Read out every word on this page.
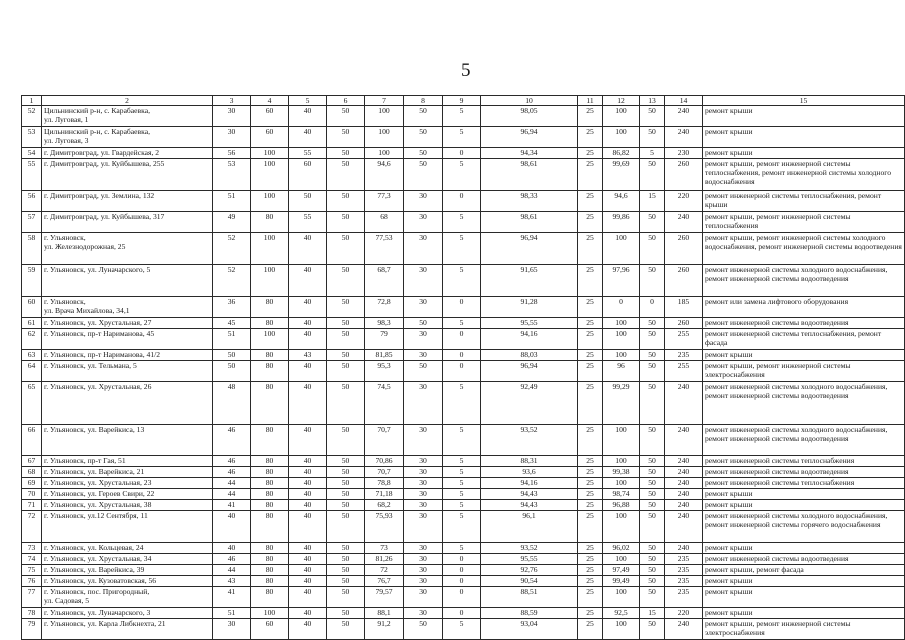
5
1	2	3	4	5	6	7	8	9	10	11	12	13	14	15
52	Цильнинский р-н, с. Карабаевка,
ул. Луговая, 1	30	60	40	50	100	50	5	98,05	25	100	50	240	ремонт крыши
53	Цильнинский р-н, с. Карабаевка,
ул. Луговая, 3	30	60	40	50	100	50	5	96,94	25	100	50	240	ремонт крыши
54	г. Димитровград, ул. Гвардейская, 2	56	100	55	50	100	50	0	94,34	25	86,82	5	230	ремонт крыши
55	г. Димитровград, ул. Куйбышева, 255	53	100	60	50	94,6	50	5	98,61	25	99,69	50	260	ремонт крыши, ремонт инженерной системы теплоснабжения, ремонт инженерной системы холодного водоснабжения
56	г. Димитровград, ул. Землина, 132	51	100	50	50	77,3	30	0	98,33	25	94,6	15	220	ремонт инженерной системы теплоснабжения, ремонт крыши
57	г. Димитровград, ул. Куйбышева, 317	49	80	55	50	68	30	5	98,61	25	99,86	50	240	ремонт крыши, ремонт инженерной системы теплоснабжения
58	г. Ульяновск,
ул. Железнодорожная, 25	52	100	40	50	77,53	30	5	96,94	25	100	50	260	ремонт крыши, ремонт инженерной системы холодного водоснабжения, ремонт инженерной системы водоотведения
59	г. Ульяновск, ул. Луначарского, 5	52	100	40	50	68,7	30	5	91,65	25	97,96	50	260	ремонт инженерной системы холодного водоснабжения, ремонт инженерной системы водоотведения
60	г. Ульяновск,
ул. Врача Михайлова, 34,1	36	80	40	50	72,8	30	0	91,28	25	0	0	185	ремонт или замена лифтового оборудования
61	г. Ульяновск, ул. Хрустальная, 27	45	80	40	50	98,3	50	5	95,55	25	100	50	260	ремонт инженерной системы водоотведения
62	г. Ульяновск, пр-т Нариманова, 45	51	100	40	50	79	30	0	94,16	25	100	50	255	ремонт инженерной системы теплоснабжения, ремонт фасада
63	г. Ульяновск, пр-т Нариманова, 41/2	50	80	43	50	81,85	30	0	88,03	25	100	50	235	ремонт крыши
64	г. Ульяновск, ул. Тельмана, 5	50	80	40	50	95,3	50	0	96,94	25	96	50	255	ремонт крыши, ремонт инженерной системы электроснабжения
65	г. Ульяновск, ул. Хрустальная, 26	48	80	40	50	74,5	30	5	92,49	25	99,29	50	240	ремонт инженерной системы холодного водоснабжения, ремонт инженерной системы водоотведения
66	г. Ульяновск, ул. Варейкиса, 13	46	80	40	50	70,7	30	5	93,52	25	100	50	240	ремонт инженерной системы холодного водоснабжения, ремонт инженерной системы водоотведения
67	г. Ульяновск, пр-т Гая, 51	46	80	40	50	70,86	30	5	88,31	25	100	50	240	ремонт инженерной системы теплоснабжения
68	г. Ульяновск, ул. Варейкиса, 21	46	80	40	50	70,7	30	5	93,6	25	99,38	50	240	ремонт инженерной системы водоотведения
69	г. Ульяновск, ул. Хрустальная, 23	44	80	40	50	78,8	30	5	94,16	25	100	50	240	ремонт инженерной системы теплоснабжения
70	г. Ульяновск, ул. Героев Свири, 22	44	80	40	50	71,18	30	5	94,43	25	98,74	50	240	ремонт крыши
71	г. Ульяновск, ул. Хрустальная, 38	41	80	40	50	68,2	30	5	94,43	25	96,88	50	240	ремонт крыши
72	г. Ульяновск, ул.12 Сентября, 11	40	80	40	50	75,93	30	5	96,1	25	100	50	240	ремонт инженерной системы холодного водоснабжения, ремонт инженерной системы горячего водоснабжения
73	г. Ульяновск, ул. Кольцевая, 24	40	80	40	50	73	30	5	93,52	25	96,02	50	240	ремонт крыши
74	г. Ульяновск, ул. Хрустальная, 34	46	80	40	50	81,26	30	0	95,55	25	100	50	235	ремонт инженерной системы водоотведения
75	г. Ульяновск, ул. Варейкиса, 39	44	80	40	50	72	30	0	92,76	25	97,49	50	235	ремонт крыши, ремонт фасада
76	г. Ульяновск, ул. Кузоватовская, 56	43	80	40	50	76,7	30	0	90,54	25	99,49	50	235	ремонт крыши
77	г. Ульяновск, пос. Пригородный,
ул. Садовая, 5	41	80	40	50	79,57	30	0	88,51	25	100	50	235	ремонт крыши
78	г. Ульяновск, ул. Луначарского, 3	51	100	40	50	88,1	30	0	88,59	25	92,5	15	220	ремонт крыши
79	г. Ульяновск, ул. Карла Либкнехта, 21	30	60	40	50	91,2	50	5	93,04	25	100	50	240	ремонт крыши, ремонт инженерной системы электроснабжения
